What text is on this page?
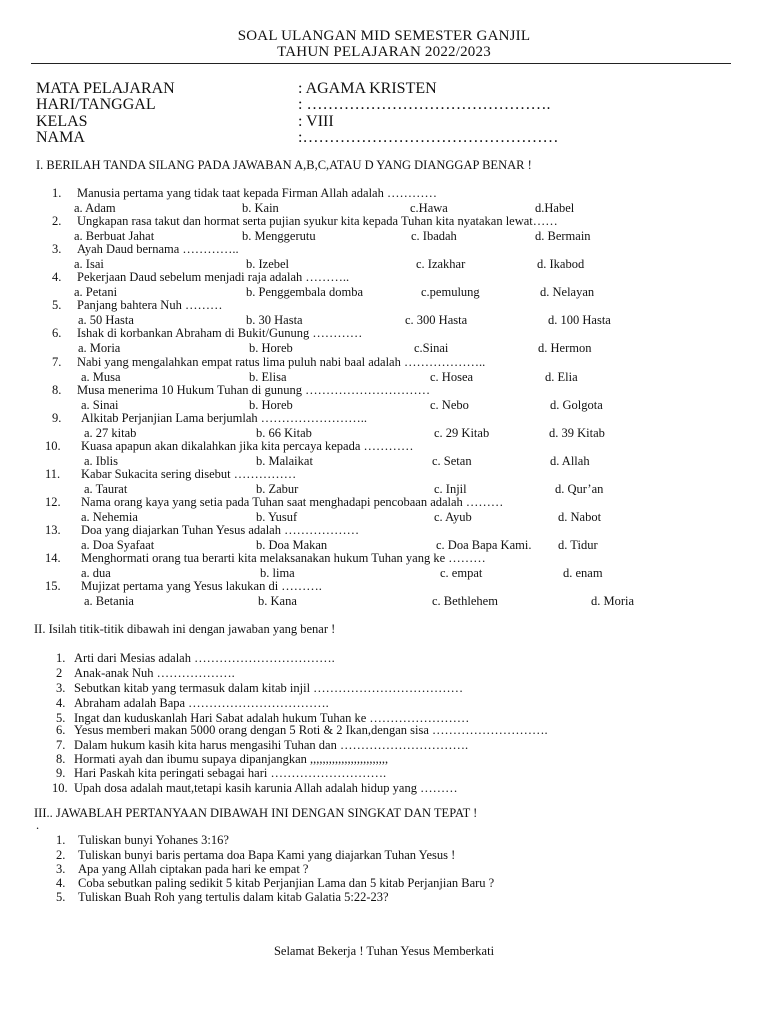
SOAL ULANGAN MID SEMESTER GANJIL
TAHUN PELAJARAN 2022/2023
MATA PELAJARAN	: AGAMA KRISTEN
HARI/TANGGAL	: ……………………………………….
KELAS	: VIII
NAMA	:…………………………………………
I. BERILAH TANDA SILANG PADA JAWABAN A,B,C,ATAU D YANG DIANGGAP BENAR !
1. Manusia pertama yang tidak taat kepada Firman Allah adalah …………
a. Adam	b. Kain	c.Hawa	d.Habel
2. Ungkapan rasa takut dan hormat serta pujian syukur kita kepada Tuhan kita nyatakan lewat……
a. Berbuat Jahat	b. Menggerutu	c. Ibadah	d. Bermain
3. Ayah Daud bernama …………..
a. Isai	b. Izebel	c. Izakhar	d. Ikabod
4. Pekerjaan Daud sebelum menjadi raja adalah ………..
a. Petani	b. Penggembala domba	c.pemulung	d. Nelayan
5. Panjang bahtera Nuh ………
a. 50 Hasta	b. 30 Hasta	c. 300 Hasta	d. 100 Hasta
6. Ishak di korbankan Abraham di Bukit/Gunung …………
a. Moria	b. Horeb	c.Sinai	d. Hermon
7. Nabi yang mengalahkan empat ratus lima puluh nabi baal adalah ………………..
a. Musa	b. Elisa	c. Hosea	d. Elia
8. Musa menerima 10 Hukum Tuhan di gunung …………………………
a. Sinai	b. Horeb	c. Nebo	d. Golgota
9. Alkitab Perjanjian Lama berjumlah ……………………..
a. 27 kitab	b. 66 Kitab	c. 29 Kitab	d. 39 Kitab
10. Kuasa apapun akan dikalahkan jika kita percaya kepada …………
a. Iblis	b. Malaikat	c. Setan	d. Allah
11. Kabar Sukacita sering disebut ……………
a. Taurat	b. Zabur	c. Injil	d. Qur’an
12. Nama orang kaya yang setia pada Tuhan saat menghadapi pencobaan adalah ………
a. Nehemia	b. Yusuf	c. Ayub	d. Nabot
13. Doa yang diajarkan Tuhan Yesus adalah ………………
a. Doa Syafaat	b. Doa Makan	c. Doa Bapa Kami. d. Tidur
14. Menghormati orang tua berarti kita melaksanakan hukum Tuhan yang ke ………
a. dua	b. lima	c. empat	d. enam
15. Mujizat pertama yang Yesus lakukan di ……….
a. Betania	b. Kana	c. Bethlehem	d. Moria
II. Isilah titik-titik dibawah ini dengan jawaban yang benar !
1. Arti dari Mesias adalah …………………………….
2 Anak-anak Nuh ……………….
3. Sebutkan kitab yang termasuk dalam kitab injil ………………………………
4. Abraham adalah Bapa …………………………….
5. Ingat dan kuduskanlah Hari Sabat adalah hukum Tuhan ke ……………………
6. Yesus memberi makan 5000 orang dengan 5 Roti & 2 Ikan,dengan sisa ……………………….
7. Dalam hukum kasih kita harus mengasihi Tuhan dan ………………………….
8. Hormati ayah dan ibumu supaya dipanjangkan ,,,,,,,,,,,,,,,,,,,,,,,,,
9. Hari Paskah kita peringati sebagai hari ……………………….
10. Upah dosa adalah maut,tetapi kasih karunia Allah adalah hidup yang ………
III.. JAWABLAH PERTANYAAN DIBAWAH INI DENGAN SINGKAT DAN TEPAT !
.
1. Tuliskan bunyi Yohanes 3:16?
2. Tuliskan bunyi baris pertama doa Bapa Kami yang diajarkan Tuhan Yesus !
3. Apa yang Allah ciptakan pada hari ke empat ?
4. Coba sebutkan paling sedikit 5 kitab Perjanjian Lama dan 5 kitab Perjanjian Baru ?
5. Tuliskan Buah Roh yang tertulis dalam kitab Galatia 5:22-23?
Selamat Bekerja ! Tuhan Yesus Memberkati
